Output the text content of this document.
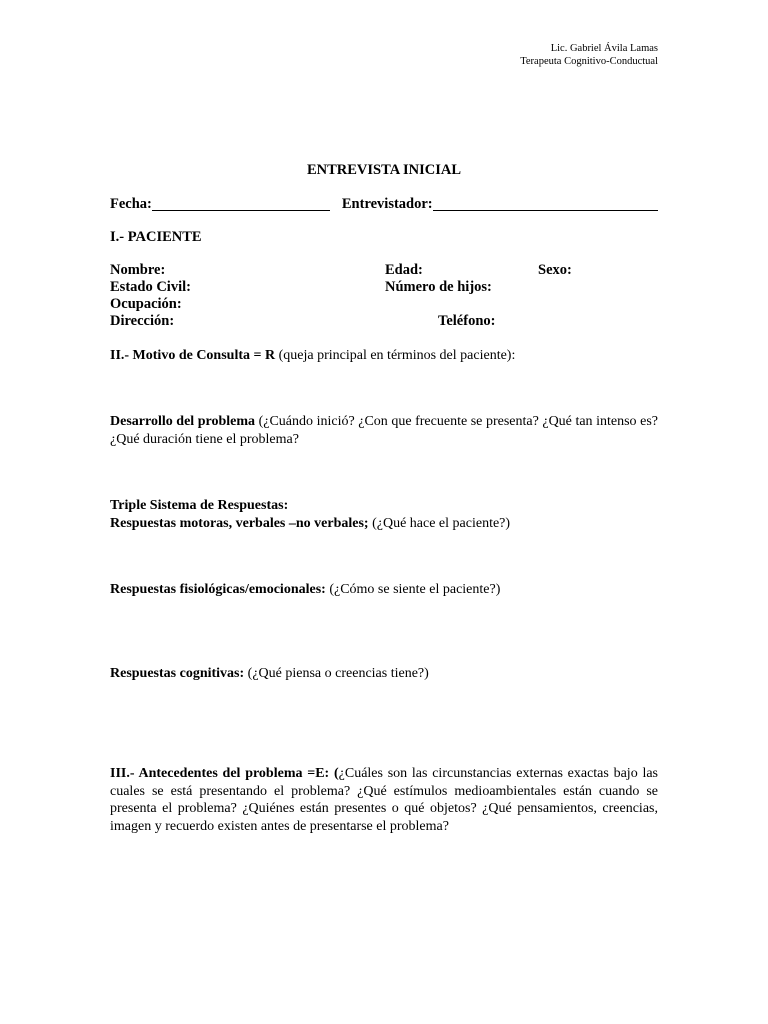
Lic. Gabriel Ávila Lamas
Terapeuta Cognitivo-Conductual
ENTREVISTA INICIAL
Fecha:	Entrevistador:
I.- PACIENTE
Nombre:	Edad:	Sexo:
Estado Civil:	Número de hijos:
Ocupación:
Dirección:	Teléfono:
II.- Motivo de Consulta = R (queja principal en términos del paciente):
Desarrollo del problema (¿Cuándo inició? ¿Con que frecuente se presenta? ¿Qué tan intenso es? ¿Qué duración tiene el problema?
Triple Sistema de Respuestas:
Respuestas motoras, verbales –no verbales; (¿Qué hace el paciente?)
Respuestas fisiológicas/emocionales: (¿Cómo se siente el paciente?)
Respuestas cognitivas: (¿Qué piensa o creencias tiene?)
III.- Antecedentes del problema =E: (¿Cuáles son las circunstancias externas exactas bajo las cuales se está presentando el problema? ¿Qué estímulos medioambientales están cuando se presenta el problema? ¿Quiénes están presentes o qué objetos? ¿Qué pensamientos, creencias, imagen y recuerdo existen antes de presentarse el problema?
